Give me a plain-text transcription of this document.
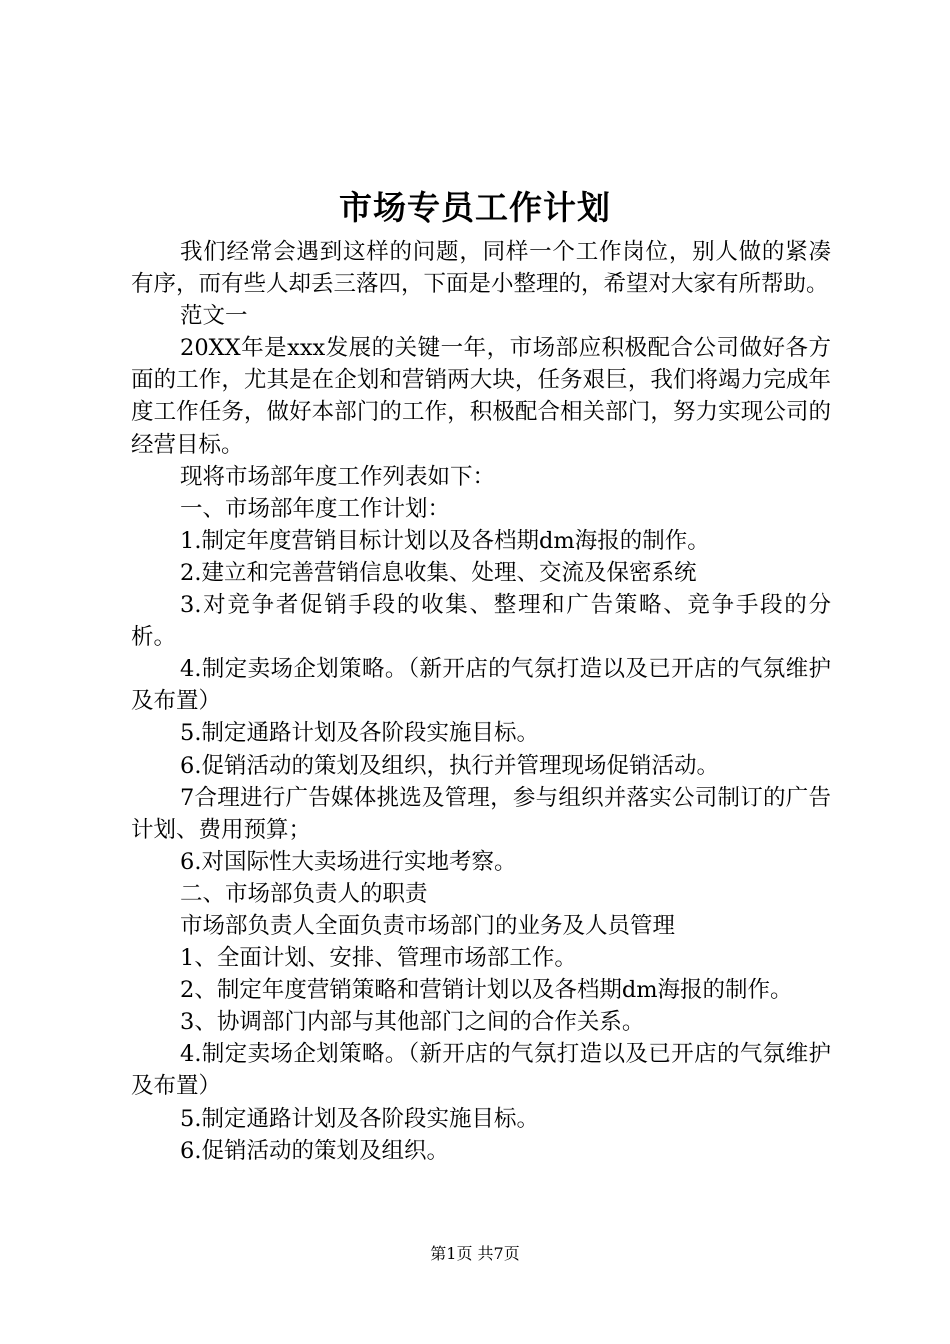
市场专员工作计划

我们经常会遇到这样的问题，同样一个工作岗位，别人做的紧凑有序，而有些人却丢三落四，下面是小整理的，希望对大家有所帮助。

范文一

20XX年是xxx发展的关键一年，市场部应积极配合公司做好各方面的工作，尤其是在企划和营销两大块，任务艰巨，我们将竭力完成年度工作任务，做好本部门的工作，积极配合相关部门，努力实现公司的经营目标。

现将市场部年度工作列表如下：

一、市场部年度工作计划：

1.制定年度营销目标计划以及各档期dm海报的制作。

2.建立和完善营销信息收集、处理、交流及保密系统

3.对竞争者促销手段的收集、整理和广告策略、竞争手段的分析。

4.制定卖场企划策略。（新开店的气氛打造以及已开店的气氛维护及布置）

5.制定通路计划及各阶段实施目标。

6.促销活动的策划及组织，执行并管理现场促销活动。

7合理进行广告媒体挑选及管理，参与组织并落实公司制订的广告计划、费用预算；

6.对国际性大卖场进行实地考察。

二、市场部负责人的职责

市场部负责人全面负责市场部门的业务及人员管理

1、全面计划、安排、管理市场部工作。

2、制定年度营销策略和营销计划以及各档期dm海报的制作。

3、协调部门内部与其他部门之间的合作关系。

4.制定卖场企划策略。（新开店的气氛打造以及已开店的气氛维护及布置）

5.制定通路计划及各阶段实施目标。

6.促销活动的策划及组织。

第1页 共7页
